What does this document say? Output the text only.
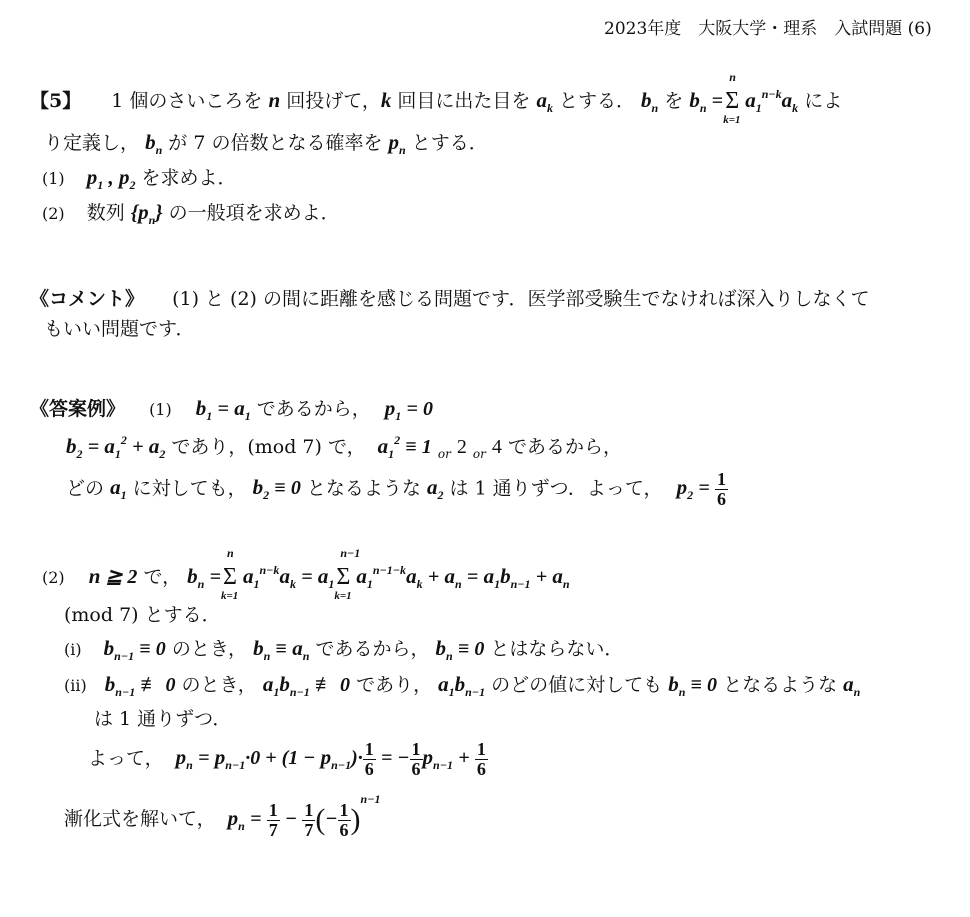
2023年度　大阪大学・理系　入試問題 (6)
【5】 1 個のさいころを n 回投げて，k 回目に出た目を $a_k$ とする． $b_n$ を $b_n$ =
n
Σ
k=1
$a_1^{n-k}a_k$ によ
り定義し， $b_n$ が 7 の倍数となる確率を $p_n$ とする．
(1) $p_1$ , $p_2$ を求めよ．
(2) 数列 $\{p_n\}$ の一般項を求めよ．
《コメント》 (1) と (2) の間に距離を感じる問題です．医学部受験生でなければ深入りしなくて
もいい問題です．
《答案例》 (1) $b_1 = a_1$ であるから， $p_1 = 0$
$b_2 = a_1^2 + a_2$ であり，(mod 7) で， $a_1^2 \equiv 1$ $_{or}$ 2 $_{or}$ 4 であるから，
どの $a_1$ に対しても， $b_2 \equiv 0$ となるような $a_2$ は 1 通りずつ．よって， $p_2 = \frac{1}{6}$
(2) n ≧ 2 で， $b_n$ =
n
Σ
k=1
$a_1^{n-k}a_k = a_1$
n−1
Σ
k=1
$a_1^{n-1-k}a_k + a_n = a_1b_{n-1} + a_n$
(mod 7) とする．
(i) $b_{n-1} \equiv 0$ のとき， $b_n \equiv a_n$ であるから， $b_n \equiv 0$ とはならない．
(ii) $b_{n-1}$ ≢ 0 のとき， $a_1b_{n-1}$ ≢ 0 であり， $a_1b_{n-1}$ のどの値に対しても $b_n \equiv 0$ となるような $a_n$
は 1 通りずつ．
よって， $p_n = p_{n-1}\cdot 0 + (1 - p_{n-1})\cdot \frac{1}{6}$ = − $\frac{1}{6} p_{n-1} + \frac{1}{6}$
漸化式を解いて， $p_n = \frac{1}{7} - \frac{1}{7}$ (− $\frac{1}{6} )^{n-1}$
